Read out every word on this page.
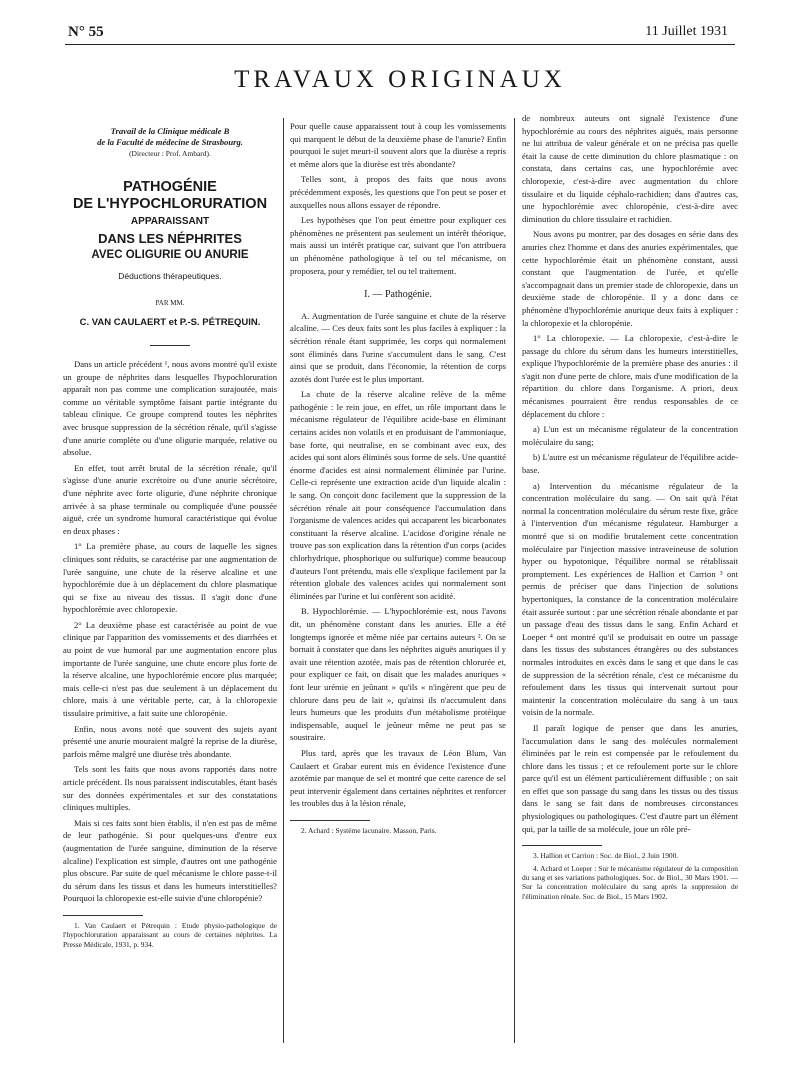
N° 55	11 Juillet 1931
TRAVAUX ORIGINAUX
Travail de la Clinique médicale B
de la Faculté de médecine de Strasbourg.
(Directeur : Prof. Ambard).
PATHOGÉNIE
DE L'HYPOCHLORURATION
APPARAISSANT
DANS LES NÉPHRITES
AVEC OLIGURIE OU ANURIE
Déductions thérapeutiques.
PAR MM.
C. VAN CAULAERT et P.-S. PÉTREQUIN.

Dans un article précédent ¹, nous avons montré qu'il existe un groupe de néphrites dans lesquelles l'hypochloruration apparaît non pas comme une complication surajoutée, mais comme un véritable symptôme faisant partie intégrante du tableau clinique. Ce groupe comprend toutes les néphrites avec brusque suppression de la sécrétion rénale, qu'il s'agisse d'une anurie complète ou d'une oligurie marquée, relative ou absolue.

En effet, tout arrêt brutal de la sécrétion rénale, qu'il s'agisse d'une anurie excrétoire ou d'une anurie sécrétoire, d'une néphrite avec forte oligurie, d'une néphrite chronique arrivée à sa phase terminale ou compliquée d'une poussée aiguë, crée un syndrome humoral caractéristique qui évolue en deux phases :

1° La première phase, au cours de laquelle les signes cliniques sont réduits, se caractérise par une augmentation de l'urée sanguine, une chute de la réserve alcaline et une hypochlorémie due à un déplacement du chlore plasmatique qui se fixe au niveau des tissus. Il s'agit donc d'une hypochlorémie avec chloropexie.

2° La deuxième phase est caractérisée au point de vue clinique par l'apparition des vomissements et des diarrhées et au point de vue humoral par une augmentation encore plus importante de l'urée sanguine, une chute encore plus forte de la réserve alcaline, une hypochlorémie encore plus marquée; mais celle-ci n'est pas due seulement à un déplacement du chlore, mais à une véritable perte, car, à la chloropexie tissulaire primitive, a fait suite une chloropénie.

Enfin, nous avons noté que souvent des sujets ayant présenté une anurie mouraient malgré la reprise de la diurèse, parfois même malgré une diurèse très abondante.

Tels sont les faits que nous avons rapportés dans notre article précédent. Ils nous paraissent indiscutables, étant basés sur des données expérimentales et sur des constatations cliniques multiples.

Mais si ces faits sont bien établis, il n'en est pas de même de leur pathogénie. Si pour quelques-uns d'entre eux (augmentation de l'urée sanguine, diminution de la réserve alcaline) l'explication est simple, d'autres ont une pathogénie plus obscure. Par suite de quel mécanisme le chlore passe-t-il du sérum dans les tissus et dans les humeurs interstitielles? Pourquoi la chloropexie est-elle suivie d'une chloropénie?

1. Van Caulaert et Pétrequin : Etude physio-pathologique de l'hypochloruration apparaissant au cours de certaines néphrites. La Presse Médicale, 1931, p. 934.

Pour quelle cause apparaissent tout à coup les vomissements qui marquent le début de la deuxième phase de l'anurie? Enfin pourquoi le sujet meurt-il souvent alors que la diurèse a repris et même alors que la diurèse est très abondante?

Telles sont, à propos des faits que nous avons précédemment exposés, les questions que l'on peut se poser et auxquelles nous allons essayer de répondre.

Les hypothèses que l'on peut émettre pour expliquer ces phénomènes ne présentent pas seulement un intérêt théorique, mais aussi un intérêt pratique car, suivant que l'on attribuera un phénomène pathologique à tel ou tel mécanisme, on proposera, pour y remédier, tel ou tel traitement.

I. — Pathogénie.

A. Augmentation de l'urée sanguine et chute de la réserve alcaline. — Ces deux faits sont les plus faciles à expliquer : la sécrétion rénale étant supprimée, les corps qui normalement sont éliminés dans l'urine s'accumulent dans le sang. C'est ainsi que se produit, dans l'économie, la rétention de corps azotés dont l'urée est le plus important.

La chute de la réserve alcaline relève de la même pathogénie : le rein joue, en effet, un rôle important dans le mécanisme régulateur de l'équilibre acide-base en éliminant certains acides non volatils et en produisant de l'ammoniaque, base forte, qui neutralise, en se combinant avec eux, des acides qui sont alors éliminés sous forme de sels. Une quantité énorme d'acides est ainsi normalement éliminée par l'urine. Celle-ci représente une extraction acide d'un liquide alcalin : le sang. On conçoit donc facilement que la suppression de la sécrétion rénale ait pour conséquence l'accumulation dans l'organisme de valences acides qui accaparent les bicarbonates constituant la réserve alcaline. L'acidose d'origine rénale ne trouve pas son explication dans la rétention d'un corps (acides chlorhydrique, phosphorique ou sulfurique) comme beaucoup d'auteurs l'ont prétendu, mais elle s'explique facilement par la rétention globale des valences acides qui normalement sont éliminées par l'urine et lui confèrent son acidité.

B. Hypochlorémie. — L'hypochlorémie est, nous l'avons dit, un phénomène constant dans les anuries. Elle a été longtemps ignorée et même niée par certains auteurs ². On se bornait à constater que dans les néphrites aiguës anuriques il y avait une rétention azotée, mais pas de rétention chlorurée et, pour expliquer ce fait, on disait que les malades anuriques « font leur urémie en jeûnant » qu'ils « n'ingèrent que peu de chlorure dans peu de lait », qu'ainsi ils n'accumulent dans leurs humeurs que les produits d'un métabolisme protéique indispensable, auquel le jeûneur même ne peut pas se soustraire.

Plus tard, après que les travaux de Léon Blum, Van Caulaert et Grabar eurent mis en évidence l'existence d'une azotémie par manque de sel et montré que cette carence de sel peut intervenir également dans certaines néphrites et renforcer les troubles dus à la lésion rénale,

2. Achard : Système lacunaire. Masson, Paris.

de nombreux auteurs ont signalé l'existence d'une hypochlorémie au cours des néphrites aiguës, mais personne ne lui attribua de valeur générale et on ne précisa pas quelle était la cause de cette diminution du chlore plasmatique : on constata, dans certains cas, une hypochlorémie avec chloropexie, c'est-à-dire avec augmentation du chlore tissulaire et du liquide céphalo-rachidien; dans d'autres cas, une hypochlorémie avec chloropénie, c'est-à-dire avec diminution du chlore tissulaire et rachidien.

Nous avons pu montrer, par des dosages en série dans des anuries chez l'homme et dans des anuries expérimentales, que cette hypochlorémie était un phénomène constant, aussi constant que l'augmentation de l'urée, et qu'elle s'accompagnait dans un premier stade de chloropexie, dans un deuxième stade de chloropénie. Il y a donc dans ce phénomène d'hypochlorémie anurique deux faits à expliquer : la chloropexie et la chloropénie.

1° La chloropexie. — La chloropexie, c'est-à-dire le passage du chlore du sérum dans les humeurs interstitielles, explique l'hypochlorémie de la première phase des anuries : il s'agit non d'une perte de chlore, mais d'une modification de la répartition du chlore dans l'organisme. A priori, deux mécanismes pourraient être rendus responsables de ce déplacement du chlore :

a) L'un est un mécanisme régulateur de la concentration moléculaire du sang;

b) L'autre est un mécanisme régulateur de l'équilibre acide-base.

a) Intervention du mécanisme régulateur de la concentration moléculaire du sang. — On sait qu'à l'état normal la concentration moléculaire du sérum reste fixe, grâce à l'intervention d'un mécanisme régulateur. Hamburger a montré que si on modifie brutalement cette concentration moléculaire par l'injection massive intraveineuse de solution hyper ou hypotonique, l'équilibre normal se rétablissait promptement. Les expériences de Hallion et Carrion ³ ont permis de préciser que dans l'injection de solutions hypertoniques, la constance de la concentration moléculaire était assurée surtout : par une sécrétion rénale abondante et par un passage d'eau des tissus dans le sang. Enfin Achard et Loeper ⁴ ont montré qu'il se produisait en outre un passage dans les tissus des substances étrangères ou des substances normales introduites en excès dans le sang et que dans le cas de suppression de la sécrétion rénale, c'est ce mécanisme du refoulement dans les tissus qui intervenait surtout pour maintenir la concentration moléculaire du sang à un taux voisin de la normale.

Il paraît logique de penser que dans les anuries, l'accumulation dans le sang des molécules normalement éliminées par le rein est compensée par le refoulement du chlore dans les tissus ; et ce refoulement porte sur le chlore parce qu'il est un élément particulièrement diffusible ; on sait en effet que son passage du sang dans les tissus ou des tissus dans le sang se fait dans de nombreuses circonstances physiologiques ou pathologiques. C'est d'autre part un élément qui, par la taille de sa molécule, joue un rôle pré-

3. Hallion et Carrion : Soc. de Biol., 2 Juin 1900.

4. Achard et Loeper : Sur le mécanisme régulateur de la composition du sang et ses variations pathologiques. Soc. de Biol., 30 Mars 1901. — Sur la concentration moléculaire du sang après la suppression de l'élimination rénale. Soc. de Biol., 15 Mars 1902.
